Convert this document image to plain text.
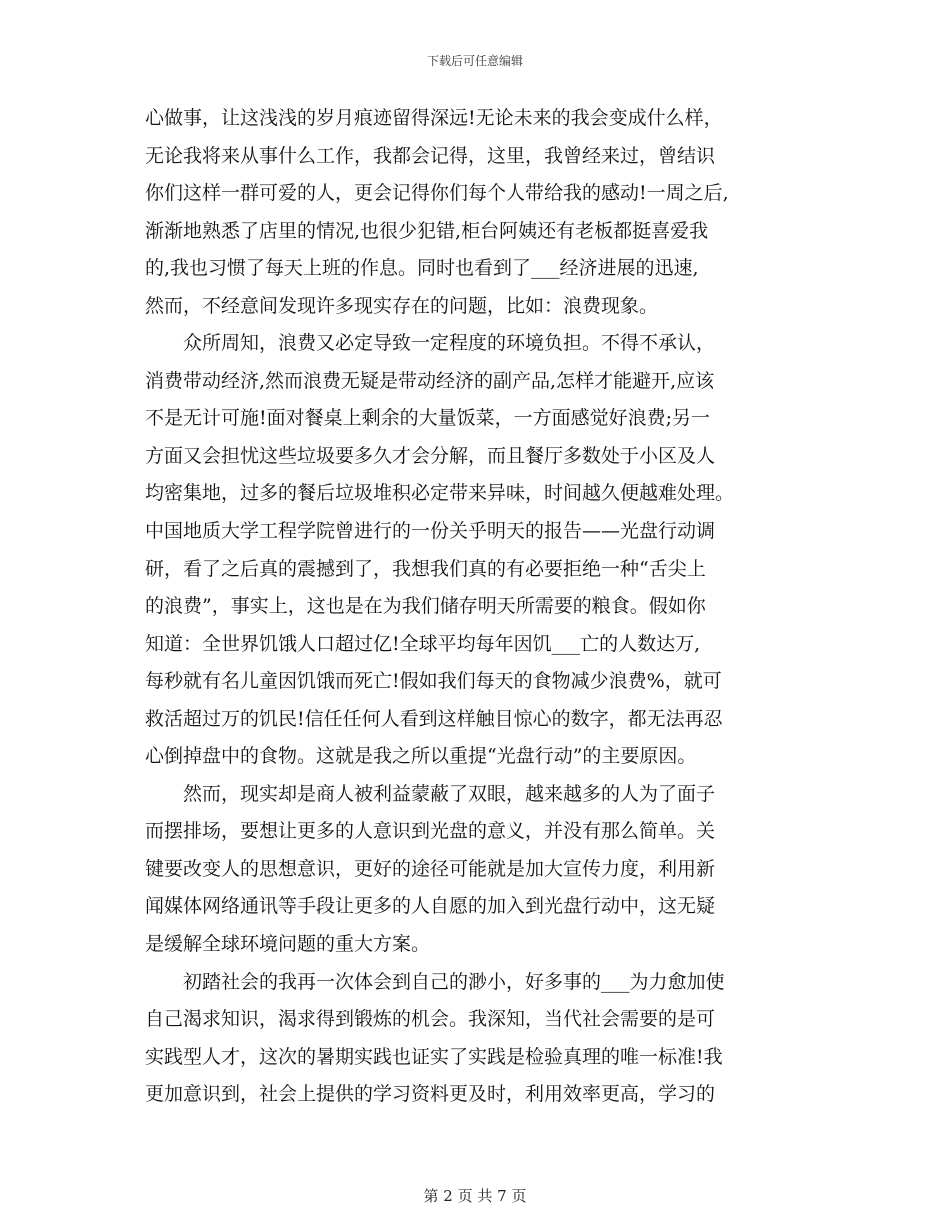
下载后可任意编辑
心做事，让这浅浅的岁月痕迹留得深远!无论未来的我会变成什么样，
无论我将来从事什么工作，我都会记得，这里，我曾经来过，曾结识
你们这样一群可爱的人，更会记得你们每个人带给我的感动!一周之后,
渐渐地熟悉了店里的情况,也很少犯错,柜台阿姨还有老板都挺喜爱我
的,我也习惯了每天上班的作息。同时也看到了___经济进展的迅速,
然而，不经意间发现许多现实存在的问题，比如：浪费现象。
　　众所周知，浪费又必定导致一定程度的环境负担。不得不承认，
消费带动经济,然而浪费无疑是带动经济的副产品,怎样才能避开,应该
不是无计可施!面对餐桌上剩余的大量饭菜，一方面感觉好浪费;另一
方面又会担忧这些垃圾要多久才会分解，而且餐厅多数处于小区及人
均密集地，过多的餐后垃圾堆积必定带来异味，时间越久便越难处理。
中国地质大学工程学院曾进行的一份关乎明天的报告——光盘行动调
研，看了之后真的震撼到了，我想我们真的有必要拒绝一种“舌尖上
的浪费”，事实上，这也是在为我们储存明天所需要的粮食。假如你
知道：全世界饥饿人口超过亿!全球平均每年因饥___亡的人数达万,
每秒就有名儿童因饥饿而死亡!假如我们每天的食物减少浪费%，就可
救活超过万的饥民!信任任何人看到这样触目惊心的数字，都无法再忍
心倒掉盘中的食物。这就是我之所以重提“光盘行动”的主要原因。
　　然而，现实却是商人被利益蒙蔽了双眼，越来越多的人为了面子
而摆排场，要想让更多的人意识到光盘的意义，并没有那么简单。关
键要改变人的思想意识，更好的途径可能就是加大宣传力度，利用新
闻媒体网络通讯等手段让更多的人自愿的加入到光盘行动中，这无疑
是缓解全球环境问题的重大方案。
　　初踏社会的我再一次体会到自己的渺小，好多事的___为力愈加使
自己渴求知识，渴求得到锻炼的机会。我深知，当代社会需要的是可
实践型人才，这次的暑期实践也证实了实践是检验真理的唯一标准!我
更加意识到，社会上提供的学习资料更及时，利用效率更高，学习的
第 2 页 共 7 页
